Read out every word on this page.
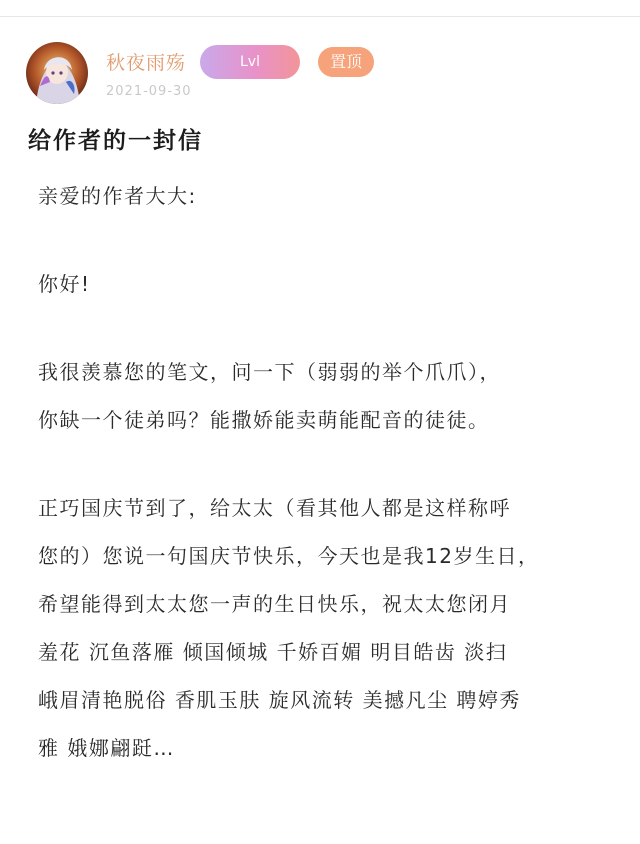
秋夜雨殇
2021-09-30
Lvl	置顶
给作者的一封信

亲爱的作者大大:

你好!

我很羡慕您的笔文，问一下（弱弱的举个爪爪），

你缺一个徒弟吗？能撒娇能卖萌能配音的徒徒。

正巧国庆节到了，给太太（看其他人都是这样称呼

您的）您说一句国庆节快乐，今天也是我12岁生日，

希望能得到太太您一声的生日快乐，祝太太您闭月

羞花 沉鱼落雁 倾国倾城 千娇百媚 明目皓齿 淡扫

峨眉清艳脱俗 香肌玉肤 旋风流转 美撼凡尘 聘婷秀

雅 娥娜翩跹…
